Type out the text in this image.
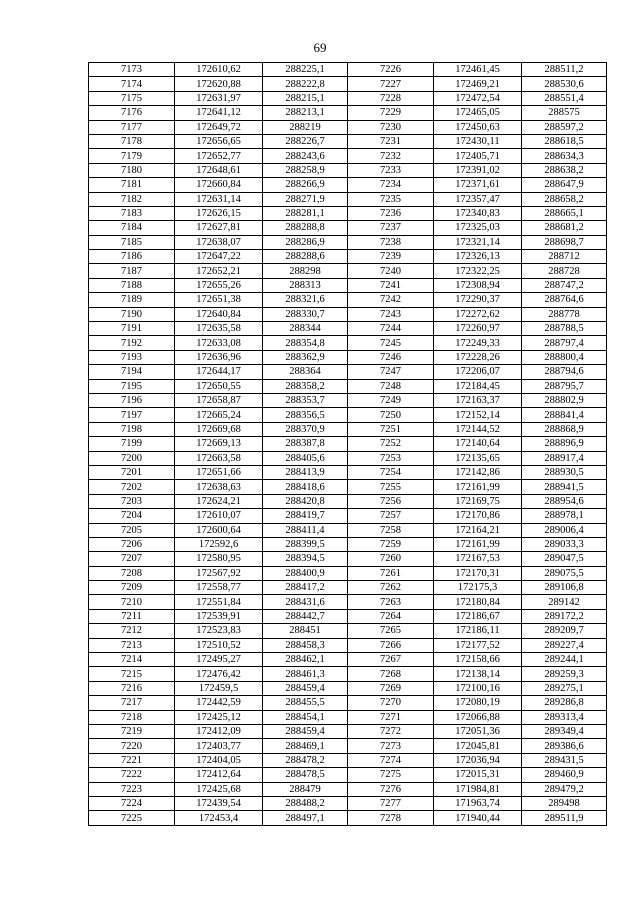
69
7173	172610,62	288225,1	7226	172461,45	288511,2
7174	172620,88	288222,8	7227	172469,21	288530,6
7175	172631,97	288215,1	7228	172472,54	288551,4
7176	172641,12	288213,1	7229	172465,05	288575
7177	172649,72	288219	7230	172450,63	288597,2
7178	172656,65	288226,7	7231	172430,11	288618,5
7179	172652,77	288243,6	7232	172405,71	288634,3
7180	172648,61	288258,9	7233	172391,02	288638,2
7181	172660,84	288266,9	7234	172371,61	288647,9
7182	172631,14	288271,9	7235	172357,47	288658,2
7183	172626,15	288281,1	7236	172340,83	288665,1
7184	172627,81	288288,8	7237	172325,03	288681,2
7185	172638,07	288286,9	7238	172321,14	288698,7
7186	172647,22	288288,6	7239	172326,13	288712
7187	172652,21	288298	7240	172322,25	288728
7188	172655,26	288313	7241	172308,94	288747,2
7189	172651,38	288321,6	7242	172290,37	288764,6
7190	172640,84	288330,7	7243	172272,62	288778
7191	172635,58	288344	7244	172260,97	288788,5
7192	172633,08	288354,8	7245	172249,33	288797,4
7193	172636,96	288362,9	7246	172228,26	288800,4
7194	172644,17	288364	7247	172206,07	288794,6
7195	172650,55	288358,2	7248	172184,45	288795,7
7196	172658,87	288353,7	7249	172163,37	288802,9
7197	172665,24	288356,5	7250	172152,14	288841,4
7198	172669,68	288370,9	7251	172144,52	288868,9
7199	172669,13	288387,8	7252	172140,64	288896,9
7200	172663,58	288405,6	7253	172135,65	288917,4
7201	172651,66	288413,9	7254	172142,86	288930,5
7202	172638,63	288418,6	7255	172161,99	288941,5
7203	172624,21	288420,8	7256	172169,75	288954,6
7204	172610,07	288419,7	7257	172170,86	288978,1
7205	172600,64	288411,4	7258	172164,21	289006,4
7206	172592,6	288399,5	7259	172161,99	289033,3
7207	172580,95	288394,5	7260	172167,53	289047,5
7208	172567,92	288400,9	7261	172170,31	289075,5
7209	172558,77	288417,2	7262	172175,3	289106,8
7210	172551,84	288431,6	7263	172180,84	289142
7211	172539,91	288442,7	7264	172186,67	289172,2
7212	172523,83	288451	7265	172186,11	289209,7
7213	172510,52	288458,3	7266	172177,52	289227,4
7214	172495,27	288462,1	7267	172158,66	289244,1
7215	172476,42	288461,3	7268	172138,14	289259,3
7216	172459,5	288459,4	7269	172100,16	289275,1
7217	172442,59	288455,5	7270	172080,19	289286,8
7218	172425,12	288454,1	7271	172066,88	289313,4
7219	172412,09	288459,4	7272	172051,36	289349,4
7220	172403,77	288469,1	7273	172045,81	289386,6
7221	172404,05	288478,2	7274	172036,94	289431,5
7222	172412,64	288478,5	7275	172015,31	289460,9
7223	172425,68	288479	7276	171984,81	289479,2
7224	172439,54	288488,2	7277	171963,74	289498
7225	172453,4	288497,1	7278	171940,44	289511,9
